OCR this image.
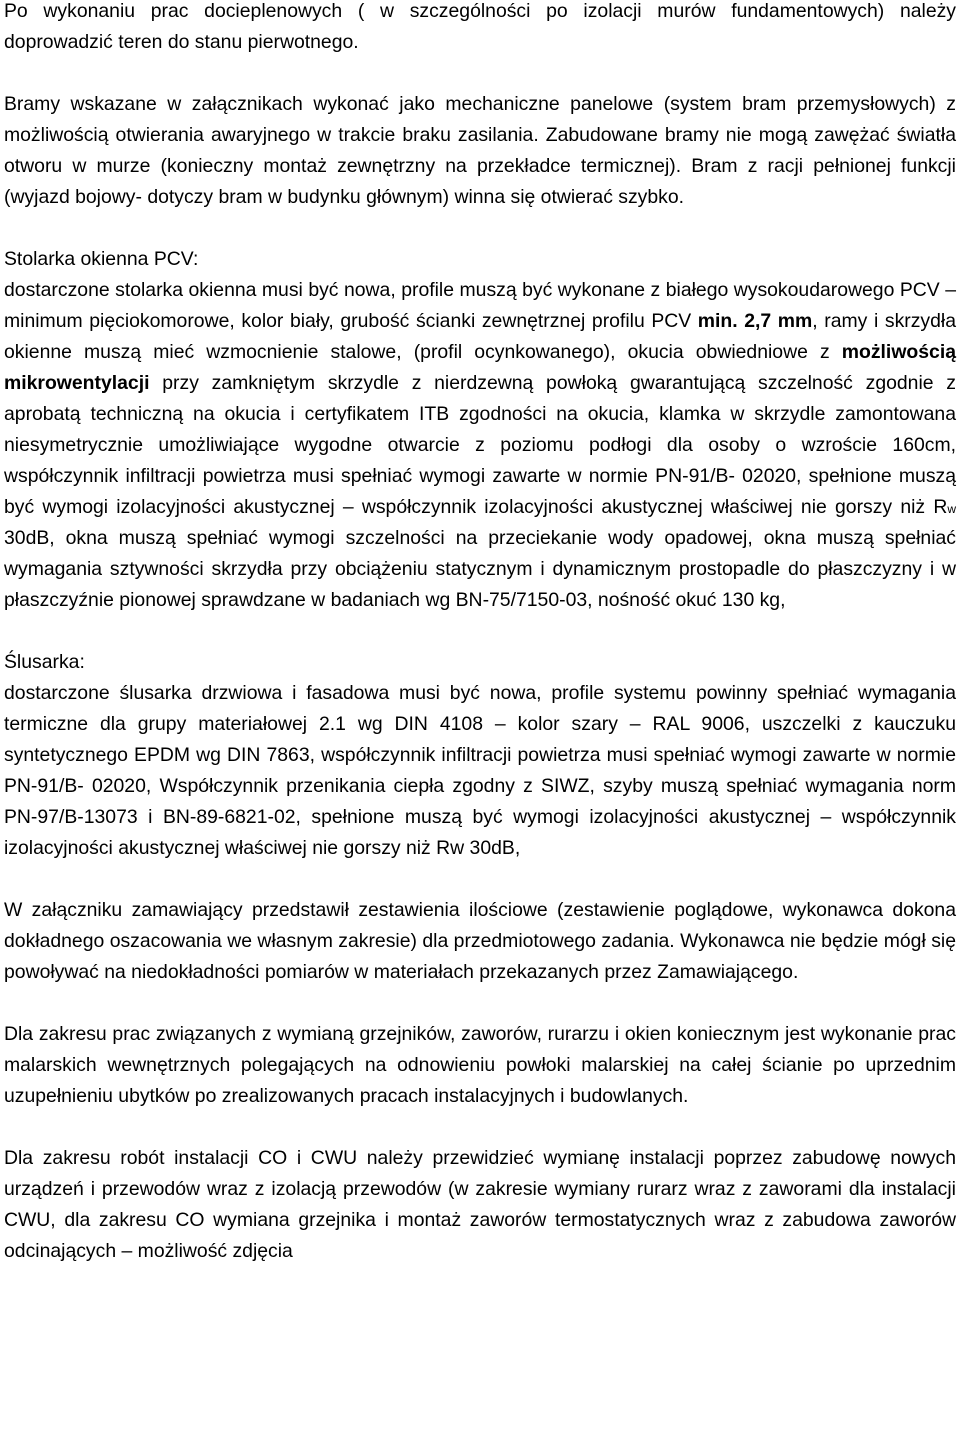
Po wykonaniu prac docieplenowych ( w szczególności po izolacji murów fundamentowych) należy doprowadzić teren do stanu pierwotnego.

Bramy wskazane w załącznikach wykonać jako mechaniczne panelowe (system bram przemysłowych) z możliwością otwierania awaryjnego w trakcie braku zasilania. Zabudowane bramy nie mogą zawężać światła otworu w murze (konieczny montaż zewnętrzny na przekładce termicznej). Bram z racji pełnionej funkcji (wyjazd bojowy- dotyczy bram w budynku głównym) winna się otwierać szybko.

Stolarka okienna PCV:

dostarczone stolarka okienna musi być nowa, profile muszą być wykonane z białego wysokoudarowego PCV – minimum pięciokomorowe, kolor biały, grubość ścianki zewnętrznej profilu PCV min. 2,7 mm, ramy i skrzydła okienne muszą mieć wzmocnienie stalowe, (profil ocynkowanego), okucia obwiedniowe z możliwością mikrowentylacji przy zamkniętym skrzydle z nierdzewną powłoką gwarantującą szczelność zgodnie z aprobatą techniczną na okucia i certyfikatem ITB zgodności na okucia, klamka w skrzydle zamontowana niesymetrycznie umożliwiające wygodne otwarcie z poziomu podłogi dla osoby o wzroście 160cm, współczynnik infiltracji powietrza musi spełniać wymogi zawarte w normie PN-91/B- 02020, spełnione muszą być wymogi izolacyjności akustycznej – współczynnik izolacyjności akustycznej właściwej nie gorszy niż Rw 30dB, okna muszą spełniać wymogi szczelności na przeciekanie wody opadowej, okna muszą spełniać wymagania sztywności skrzydła przy obciążeniu statycznym i dynamicznym prostopadle do płaszczyzny i w płaszczyźnie pionowej sprawdzane w badaniach wg BN-75/7150-03, nośność okuć 130 kg,

Ślusarka:

dostarczone ślusarka drzwiowa i fasadowa musi być nowa, profile systemu powinny spełniać wymagania termiczne dla grupy materiałowej 2.1 wg DIN 4108 – kolor szary – RAL 9006, uszczelki z kauczuku syntetycznego EPDM wg DIN 7863, współczynnik infiltracji powietrza musi spełniać wymogi zawarte w normie PN-91/B- 02020, Współczynnik przenikania ciepła zgodny z SIWZ, szyby muszą spełniać wymagania norm PN-97/B-13073 i BN-89-6821-02, spełnione muszą być wymogi izolacyjności akustycznej – współczynnik izolacyjności akustycznej właściwej nie gorszy niż Rw 30dB,

W załączniku zamawiający przedstawił zestawienia ilościowe (zestawienie poglądowe, wykonawca dokona dokładnego oszacowania we własnym zakresie) dla przedmiotowego zadania. Wykonawca nie będzie mógł się powoływać na niedokładności pomiarów w materiałach przekazanych przez Zamawiającego.

Dla zakresu prac związanych z wymianą grzejników, zaworów, rurarzu i okien koniecznym jest wykonanie prac malarskich wewnętrznych polegających na odnowieniu powłoki malarskiej na całej ścianie po uprzednim uzupełnieniu ubytków po zrealizowanych pracach instalacyjnych i budowlanych.

Dla zakresu robót instalacji CO i CWU należy przewidzieć wymianę instalacji poprzez zabudowę nowych urządzeń i przewodów wraz z izolacją przewodów (w zakresie wymiany rurarz wraz z zaworami dla instalacji CWU, dla zakresu CO wymiana grzejnika i montaż zaworów termostatycznych wraz z zabudowa zaworów odcinających – możliwość zdjęcia
